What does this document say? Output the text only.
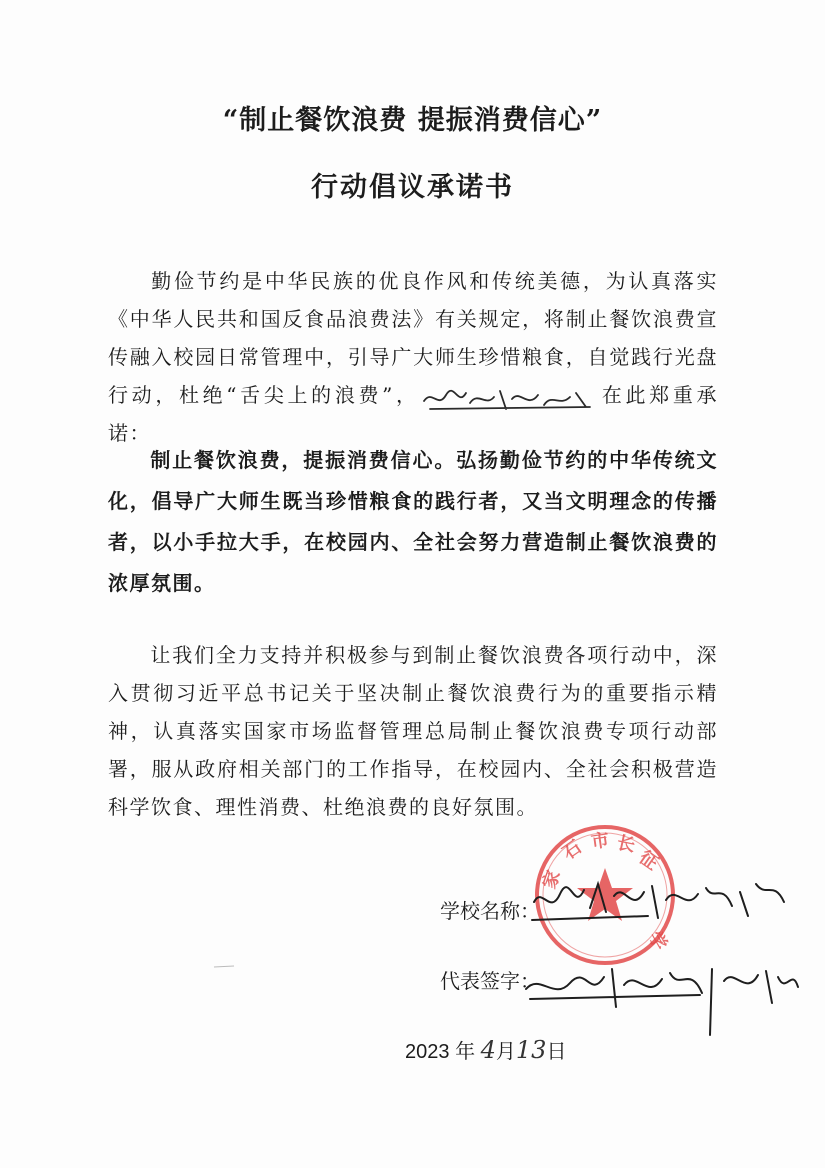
“制止餐饮浪费 提振消费信心”
行动倡议承诺书

勤俭节约是中华民族的优良作风和传统美德，为认真落实《中华人民共和国反食品浪费法》有关规定，将制止餐饮浪费宣传融入校园日常管理中，引导广大师生珍惜粮食，自觉践行光盘行动，杜绝“舌尖上的浪费”，	在此郑重承诺：

制止餐饮浪费，提振消费信心。弘扬勤俭节约的中华传统文化，倡导广大师生既当珍惜粮食的践行者，又当文明理念的传播者，以小手拉大手，在校园内、全社会努力营造制止餐饮浪费的浓厚氛围。

让我们全力支持并积极参与到制止餐饮浪费各项行动中，深入贯彻习近平总书记关于坚决制止餐饮浪费行为的重要指示精神，认真落实国家市场监督管理总局制止餐饮浪费专项行动部署，服从政府相关部门的工作指导，在校园内、全社会积极营造科学饮食、理性消费、杜绝浪费的良好氛围。

石 市 长
征
家
学
学校名称：
代表签字：
2023 年 4月13日
